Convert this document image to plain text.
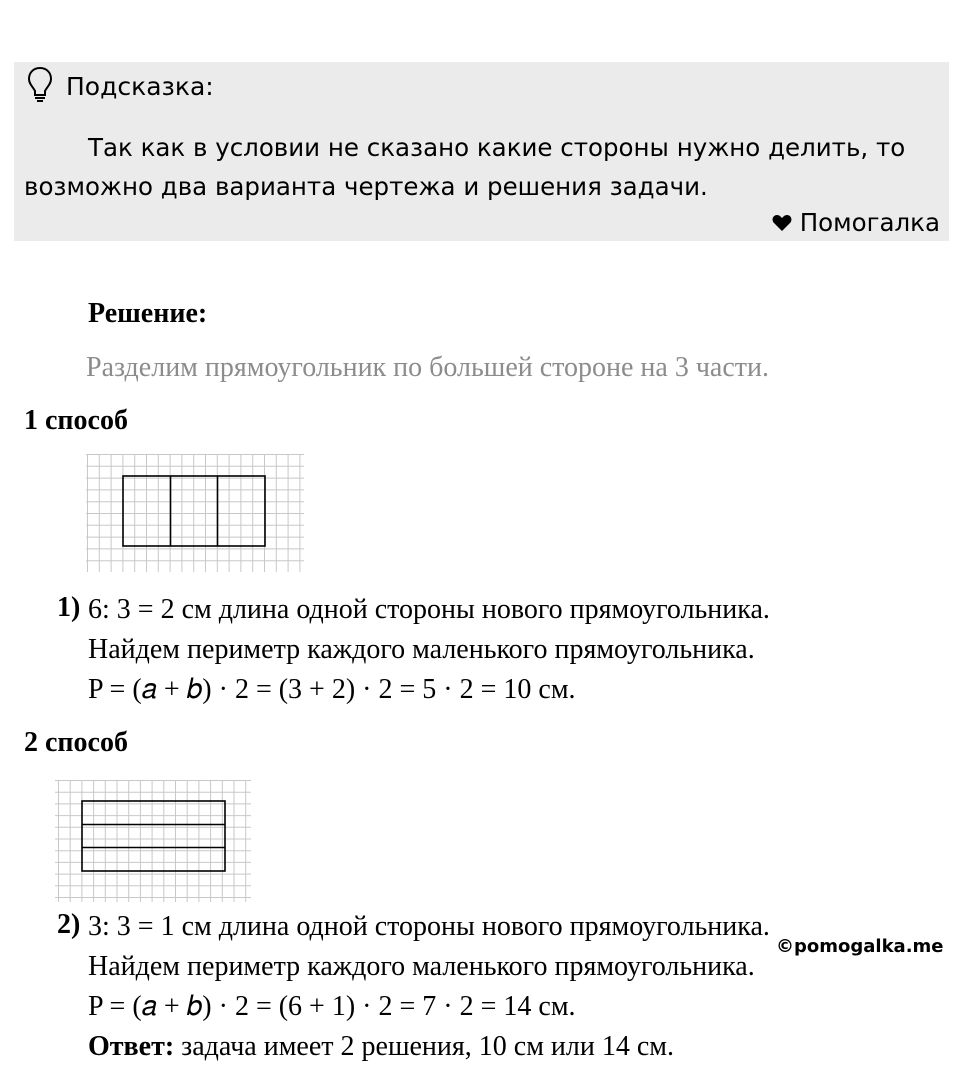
Подсказка:

Так как в условии не сказано какие стороны нужно делить, то возможно два варианта чертежа и решения задачи.

Помогалка
Решение:
Разделим прямоугольник по большей стороне на 3 части.
1 способ
1) 6: 3 = 2 см длина одной стороны нового прямоугольника.
Найдем периметр каждого маленького прямоугольника.
P = (𝑎 + 𝑏) · 2 = (3 + 2) · 2 = 5 · 2 = 10 см.
2 способ
2) 3: 3 = 1 см длина одной стороны нового прямоугольника.
Найдем периметр каждого маленького прямоугольника.
P = (𝑎 + 𝑏) · 2 = (6 + 1) · 2 = 7 · 2 = 14 см.
Ответ: задача имеет 2 решения, 10 см или 14 см.
©pomogalka.me
